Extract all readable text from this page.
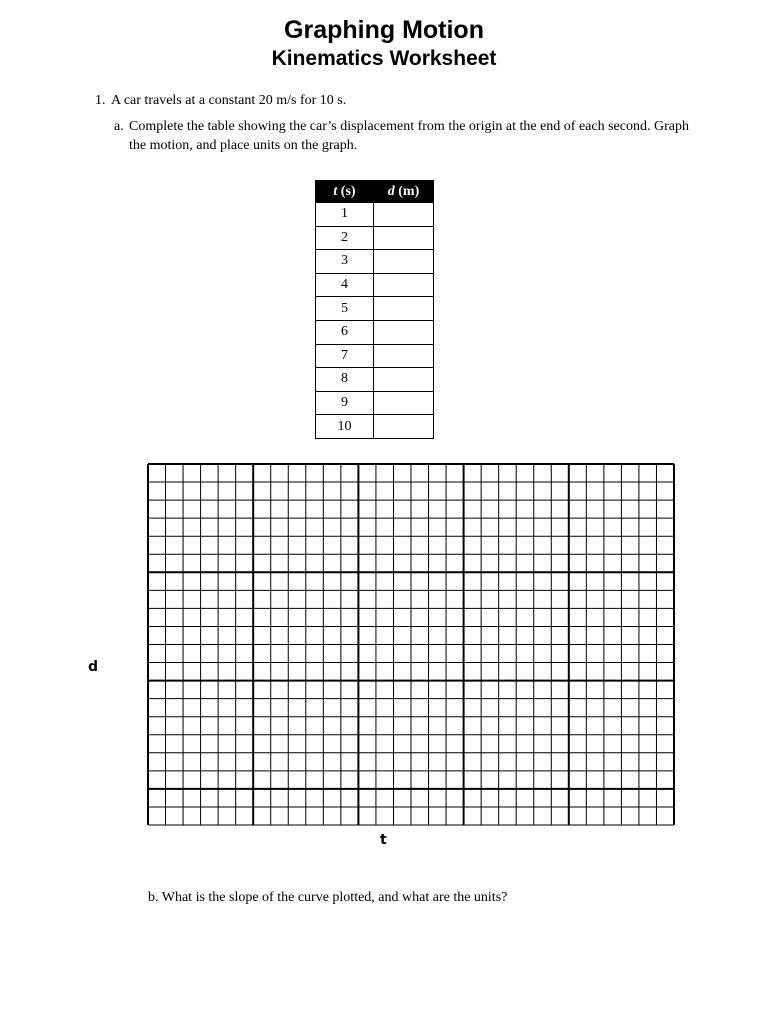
Graphing Motion
Kinematics Worksheet
1. A car travels at a constant 20 m/s for 10 s.
a. Complete the table showing the car’s displacement from the origin at the end of each second. Graph the motion, and place units on the graph.
t (s)	d (m)
1	
2	
3	
4	
5	
6	
7	
8	
9	
10	
d
t
b. What is the slope of the curve plotted, and what are the units?
